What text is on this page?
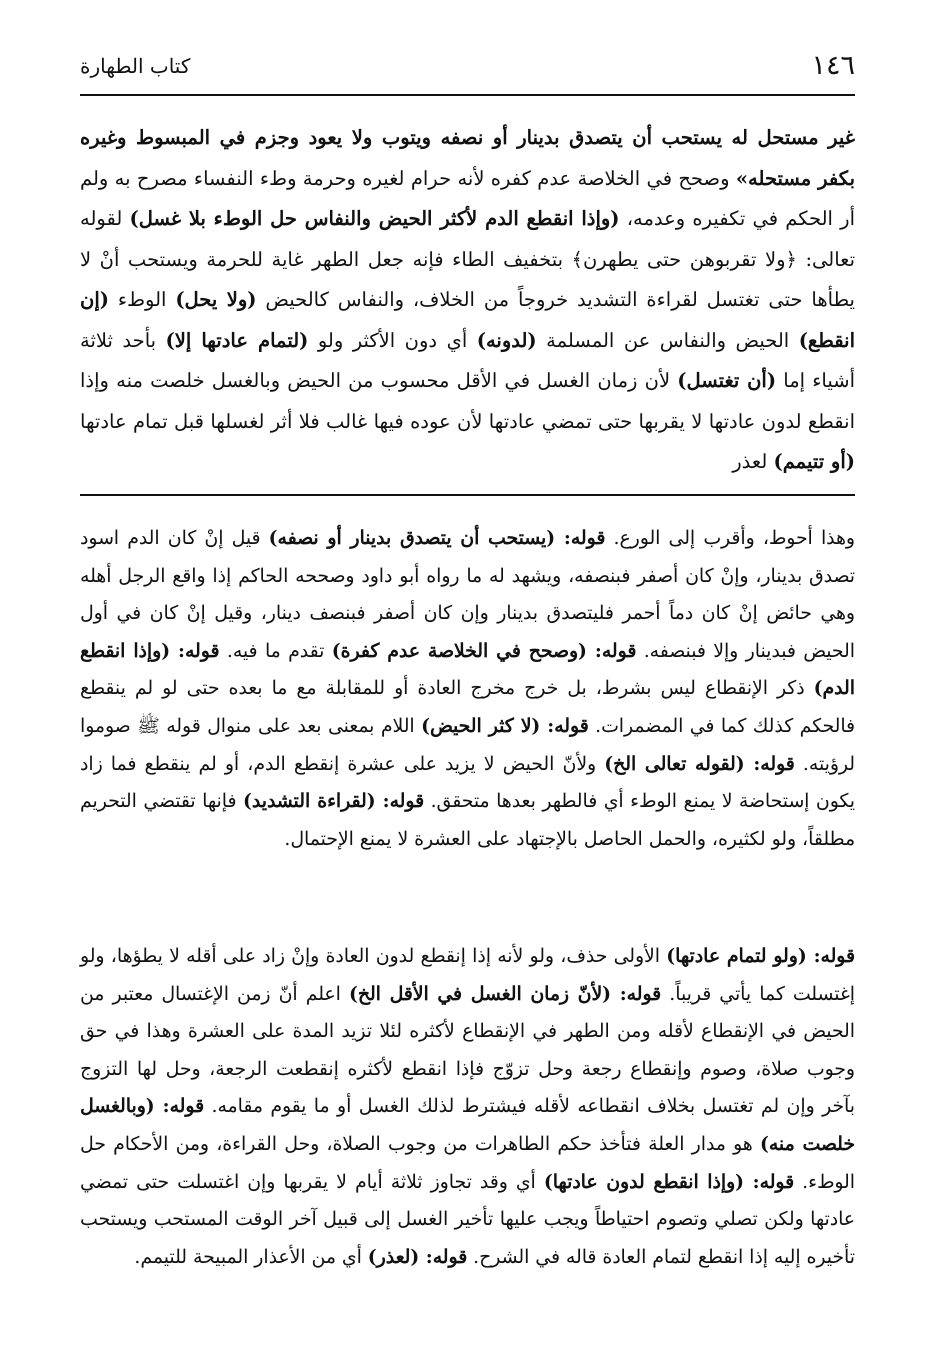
١٤٦
كتاب الطهارة

غير مستحل له يستحب أن يتصدق بدينار أو نصفه ويتوب ولا يعود وجزم في المبسوط وغيره بكفر مستحله» وصحح في الخلاصة عدم كفره لأنه حرام لغيره وحرمة وطء النفساء مصرح به ولم أر الحكم في تكفيره وعدمه، (وإذا انقطع الدم لأكثر الحيض والنفاس حل الوطء بلا غسل) لقوله تعالى: ﴿ولا تقربوهن حتى يطهرن﴾ بتخفيف الطاء فإنه جعل الطهر غاية للحرمة ويستحب أنْ لا يطأها حتى تغتسل لقراءة التشديد خروجاً من الخلاف، والنفاس كالحيض (ولا يحل) الوطء (إن انقطع) الحيض والنفاس عن المسلمة (لدونه) أي دون الأكثر ولو (لتمام عادتها إلا) بأحد ثلاثة أشياء إما (أن تغتسل) لأن زمان الغسل في الأقل محسوب من الحيض وبالغسل خلصت منه وإذا انقطع لدون عادتها لا يقربها حتى تمضي عادتها لأن عوده فيها غالب فلا أثر لغسلها قبل تمام عادتها (أو تتيمم) لعذر

وهذا أحوط، وأقرب إلى الورع. قوله: (يستحب أن يتصدق بدينار أو نصفه) قيل إنْ كان الدم اسود تصدق بدينار، وإنْ كان أصفر فبنصفه، ويشهد له ما رواه أبو داود وصححه الحاكم إذا واقع الرجل أهله وهي حائض إنْ كان دماً أحمر فليتصدق بدينار وإن كان أصفر فبنصف دينار، وقيل إنْ كان في أول الحيض فبدينار وإلا فبنصفه. قوله: (وصحح في الخلاصة عدم كفرة) تقدم ما فيه. قوله: (وإذا انقطع الدم) ذكر الإنقطاع ليس بشرط، بل خرج مخرج العادة أو للمقابلة مع ما بعده حتى لو لم ينقطع فالحكم كذلك كما في المضمرات. قوله: (لا كثر الحيض) اللام بمعنى بعد على منوال قوله ﷺ صوموا لرؤيته. قوله: (لقوله تعالى الخ) ولأنّ الحيض لا يزيد على عشرة إنقطع الدم، أو لم ينقطع فما زاد يكون إستحاضة لا يمنع الوطء أي فالطهر بعدها متحقق. قوله: (لقراءة التشديد) فإنها تقتضي التحريم مطلقاً، ولو لكثيره، والحمل الحاصل بالإجتهاد على العشرة لا يمنع الإحتمال.

قوله: (ولو لتمام عادتها) الأولى حذف، ولو لأنه إذا إنقطع لدون العادة وإنْ زاد على أقله لا يطؤها، ولو إغتسلت كما يأتي قريباً. قوله: (لأنّ زمان الغسل في الأقل الخ) اعلم أنّ زمن الإغتسال معتبر من الحيض في الإنقطاع لأقله ومن الطهر في الإنقطاع لأكثره لئلا تزيد المدة على العشرة وهذا في حق وجوب صلاة، وصوم وإنقطاع رجعة وحل تزوّج فإذا انقطع لأكثره إنقطعت الرجعة، وحل لها التزوج بآخر وإن لم تغتسل بخلاف انقطاعه لأقله فيشترط لذلك الغسل أو ما يقوم مقامه. قوله: (وبالغسل خلصت منه) هو مدار العلة فتأخذ حكم الطاهرات من وجوب الصلاة، وحل القراءة، ومن الأحكام حل الوطء. قوله: (وإذا انقطع لدون عادتها) أي وقد تجاوز ثلاثة أيام لا يقربها وإن اغتسلت حتى تمضي عادتها ولكن تصلي وتصوم احتياطاً ويجب عليها تأخير الغسل إلى قبيل آخر الوقت المستحب ويستحب تأخيره إليه إذا انقطع لتمام العادة قاله في الشرح. قوله: (لعذر) أي من الأعذار المبيحة للتيمم.
